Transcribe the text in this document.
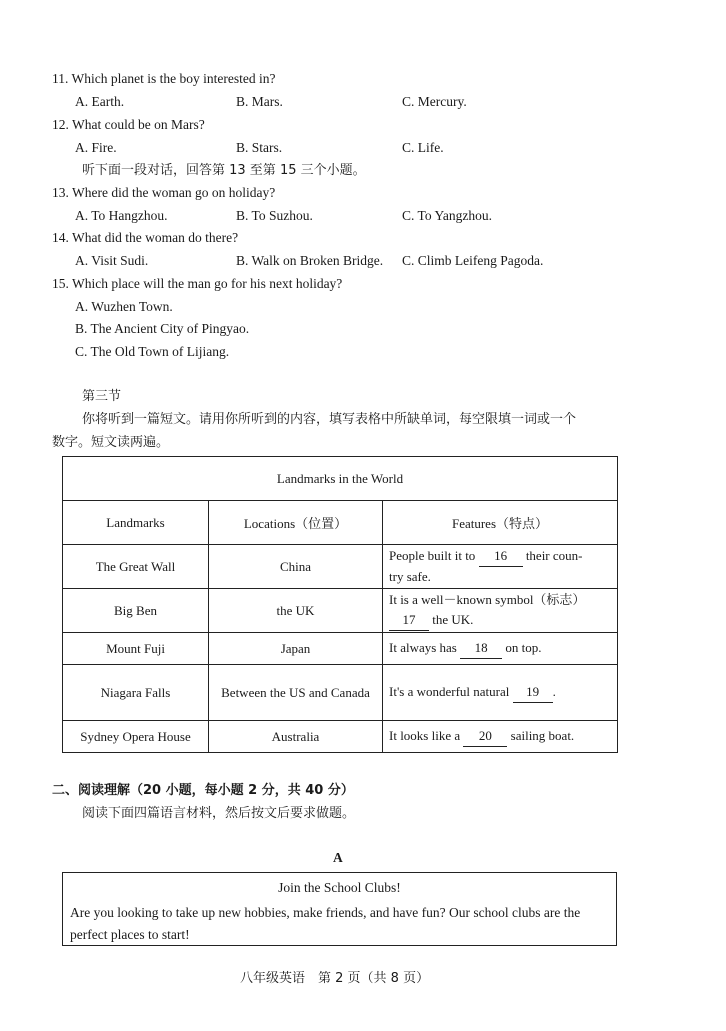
11. Which planet is the boy interested in?
A. Earth.	B. Mars.	C. Mercury.
12. What could be on Mars?
A. Fire.	B. Stars.	C. Life.
听下面一段对话，回答第 13 至第 15 三个小题。
13. Where did the woman go on holiday?
A. To Hangzhou.	B. To Suzhou.	C. To Yangzhou.
14. What did the woman do there?
A. Visit Sudi.	B. Walk on Broken Bridge. C. Climb Leifeng Pagoda.
15. Which place will the man go for his next holiday?
A. Wuzhen Town.
B. The Ancient City of Pingyao.
C. The Old Town of Lijiang.
第三节
你将听到一篇短文。请用你所听到的内容，填写表格中所缺单词，每空限填一词或一个
数字。短文读两遍。
Landmarks in the World		
Landmarks	Locations（位置）	Features（特点）
The Great Wall	China	People built it to 16 their coun-
try safe.
Big Ben	the UK	It is a well－known symbol（标志）
17 the UK.
Mount Fuji	Japan	It always has 18 on top.
Niagara Falls	Between the US and Canada	It's a wonderful natural 19 .
Sydney Opera House	Australia	It looks like a 20 sailing boat.
二、阅读理解（20 小题，每小题 2 分，共 40 分）
阅读下面四篇语言材料，然后按文后要求做题。
A
Join the School Clubs!
Are you looking to take up new hobbies, make friends, and have fun? Our school clubs are the perfect places to start!
八年级英语　第 2 页（共 8 页）
